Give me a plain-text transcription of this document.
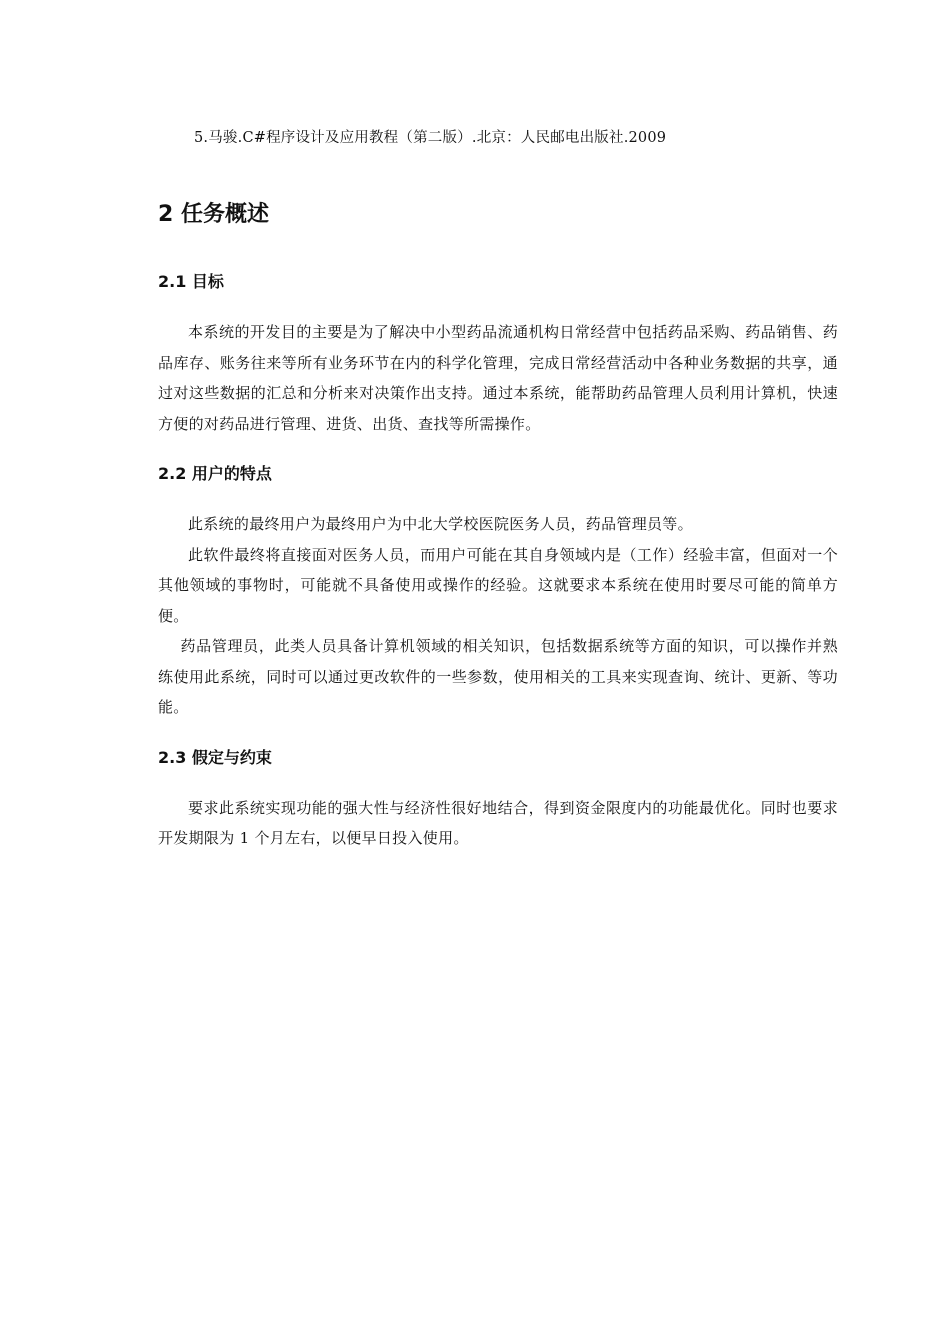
5.马骏.C#程序设计及应用教程（第二版）.北京：人民邮电出版社.2009

2 任务概述
2.1 目标

本系统的开发目的主要是为了解决中小型药品流通机构日常经营中包括药品采购、药品销售、药品库存、账务往来等所有业务环节在内的科学化管理，完成日常经营活动中各种业务数据的共享，通过对这些数据的汇总和分析来对决策作出支持。通过本系统，能帮助药品管理人员利用计算机，快速方便的对药品进行管理、进货、出货、查找等所需操作。

2.2 用户的特点

此系统的最终用户为最终用户为中北大学校医院医务人员，药品管理员等。

此软件最终将直接面对医务人员，而用户可能在其自身领域内是（工作）经验丰富，但面对一个其他领域的事物时，可能就不具备使用或操作的经验。这就要求本系统在使用时要尽可能的简单方便。

药品管理员，此类人员具备计算机领域的相关知识，包括数据系统等方面的知识，可以操作并熟练使用此系统，同时可以通过更改软件的一些参数，使用相关的工具来实现查询、统计、更新、等功能。

2.3 假定与约束

要求此系统实现功能的强大性与经济性很好地结合，得到资金限度内的功能最优化。同时也要求开发期限为 1 个月左右，以便早日投入使用。
